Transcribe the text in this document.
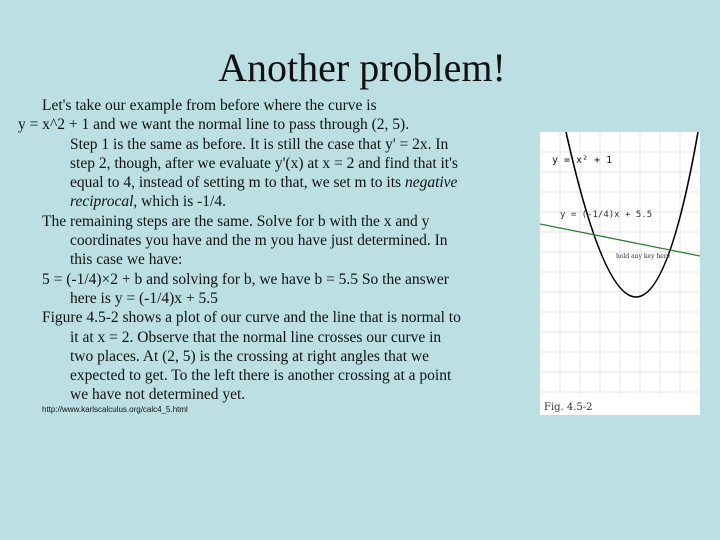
Another problem!
Let's take our example from before where the curve is
y = x^2 + 1 and we want the normal line to pass through (2, 5).
Step 1 is the same as before. It is still the case that y' = 2x. In
step 2, though, after we evaluate y'(x) at x = 2 and find that it's
equal to 4, instead of setting m to that, we set m to its negative
reciprocal, which is -1/4.
The remaining steps are the same. Solve for b with the x and y
coordinates you have and the m you have just determined. In
this case we have:
5 = (-1/4)×2 + b and solving for b, we have b = 5.5 So the answer
here is y = (-1/4)x + 5.5
Figure 4.5-2 shows a plot of our curve and the line that is normal to
it at x = 2. Observe that the normal line crosses our curve in
two places. At (2, 5) is the crossing at right angles that we
expected to get. To the left there is another crossing at a point
we have not determined yet.
http://www.karlscalculus.org/calc4_5.html
y = x² + 1
y = (-1/4)x + 5.5
hold any key here
Fig. 4.5-2
